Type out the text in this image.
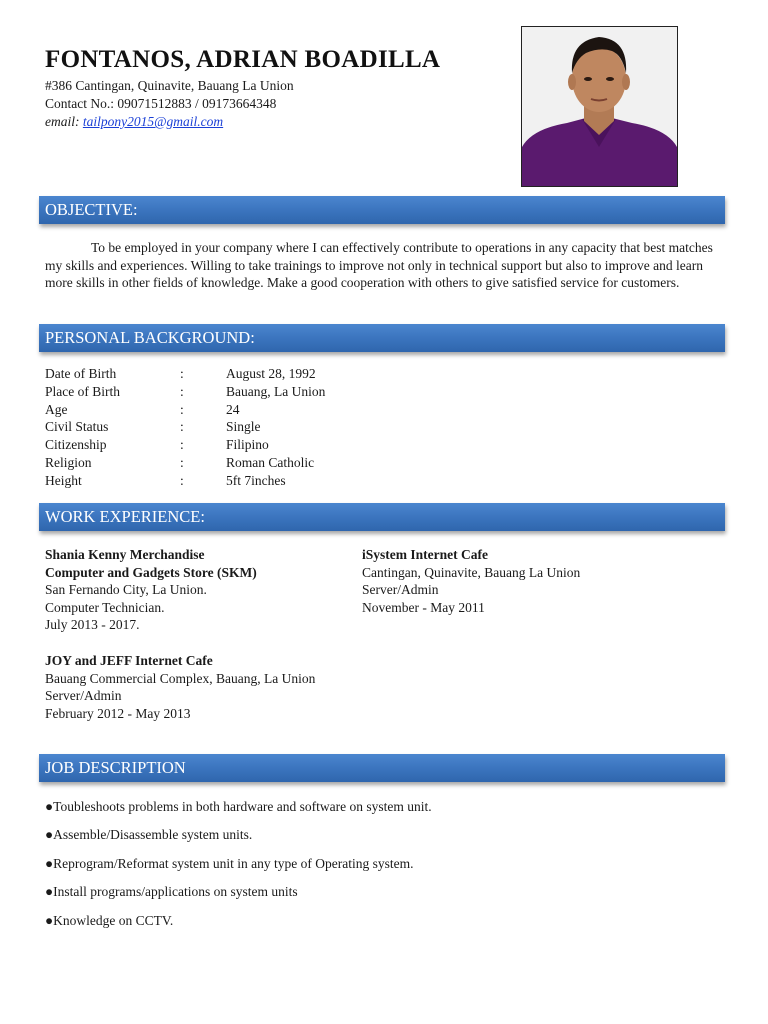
FONTANOS, ADRIAN BOADILLA
#386 Cantingan, Quinavite, Bauang La Union
Contact No.: 09071512883 / 09173664348
email: tailpony2015@gmail.com
OBJECTIVE:
To be employed in your company where I can effectively contribute to operations in any capacity that best matches my skills and experiences. Willing to take trainings to improve not only in technical support but also to improve and learn more skills in other fields of knowledge. Make a good cooperation with others to give satisfied service for customers.
PERSONAL BACKGROUND:
Date of Birth	:	August 28, 1992
Place of Birth	:	Bauang, La Union
Age	:	24
Civil Status	:	Single
Citizenship	:	Filipino
Religion	:	Roman Catholic
Height	:	5ft 7inches
WORK EXPERIENCE:
Shania Kenny Merchandise
Computer and Gadgets Store (SKM)
San Fernando City, La Union.
Computer Technician.
July 2013 - 2017.
iSystem Internet Cafe
Cantingan, Quinavite, Bauang La Union
Server/Admin
November - May 2011
JOY and JEFF Internet Cafe
Bauang Commercial Complex, Bauang, La Union
Server/Admin
February 2012 - May 2013
JOB DESCRIPTION
●Toubleshoots problems in both hardware and software on system unit.
●Assemble/Disassemble system units.
●Reprogram/Reformat system unit in any type of Operating system.
●Install programs/applications on system units
●Knowledge on CCTV.
